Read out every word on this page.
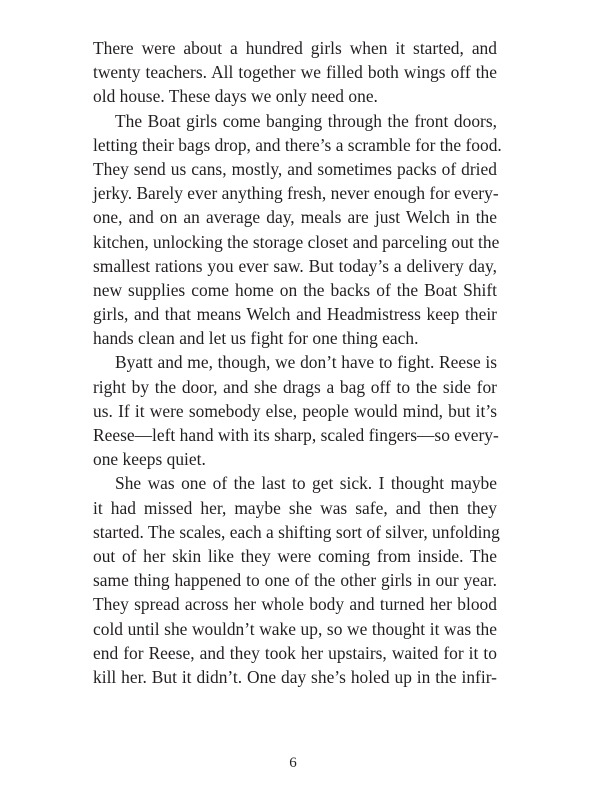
There were about a hundred girls when it started, and
twenty teachers. All together we filled both wings off the
old house. These days we only need one.
The Boat girls come banging through the front doors,
letting their bags drop, and there’s a scramble for the food.
They send us cans, mostly, and sometimes packs of dried
jerky. Barely ever anything fresh, never enough for every-
one, and on an average day, meals are just Welch in the
kitchen, unlocking the storage closet and parceling out the
smallest rations you ever saw. But today’s a delivery day,
new supplies come home on the backs of the Boat Shift
girls, and that means Welch and Headmistress keep their
hands clean and let us fight for one thing each.
Byatt and me, though, we don’t have to fight. Reese is
right by the door, and she drags a bag off to the side for
us. If it were somebody else, people would mind, but it’s
Reese—left hand with its sharp, scaled fingers—so every-
one keeps quiet.
She was one of the last to get sick. I thought maybe
it had missed her, maybe she was safe, and then they
started. The scales, each a shifting sort of silver, unfolding
out of her skin like they were coming from inside. The
same thing happened to one of the other girls in our year.
They spread across her whole body and turned her blood
cold until she wouldn’t wake up, so we thought it was the
end for Reese, and they took her upstairs, waited for it to
kill her. But it didn’t. One day she’s holed up in the infir-
6
